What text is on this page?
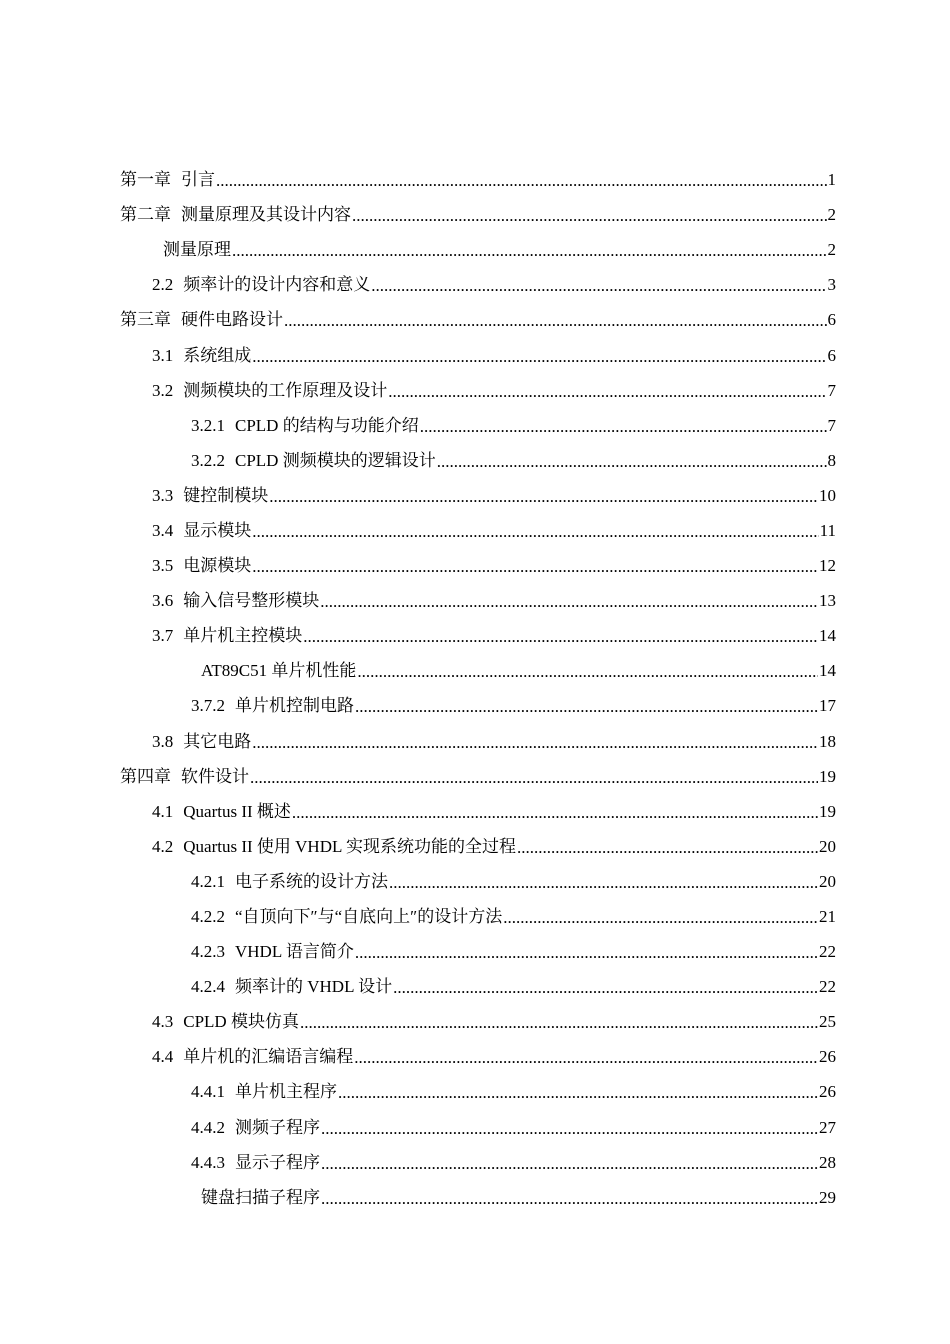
第一章 引言 .....	1
第二章 测量原理及其设计内容 .....	2
测量原理 .....	2
2.2 频率计的设计内容和意义 .....	3
第三章 硬件电路设计 .....	6
3.1 系统组成 .....	6
3.2 测频模块的工作原理及设计 .....	7
3.2.1 CPLD 的结构与功能介绍 .....	7
3.2.2 CPLD 测频模块的逻辑设计 .....	8
3.3 键控制模块 .....	10
3.4 显示模块 .....	11
3.5 电源模块 .....	12
3.6 输入信号整形模块 .....	13
3.7 单片机主控模块 .....	14
AT89C51 单片机性能 .....	14
3.7.2 单片机控制电路 .....	17
3.8 其它电路 .....	18
第四章 软件设计 .....	19
4.1 Quartus II 概述 .....	19
4.2 Quartus II 使用 VHDL 实现系统功能的全过程 .....	20
4.2.1 电子系统的设计方法 .....	20
4.2.2 “自顶向下″与“自底向上″的设计方法 .....	21
4.2.3 VHDL 语言简介 .....	22
4.2.4 频率计的 VHDL 设计 .....	22
4.3 CPLD 模块仿真 .....	25
4.4 单片机的汇编语言编程 .....	26
4.4.1 单片机主程序 .....	26
4.4.2 测频子程序 .....	27
4.4.3 显示子程序 .....	28
键盘扫描子程序 .....	29
